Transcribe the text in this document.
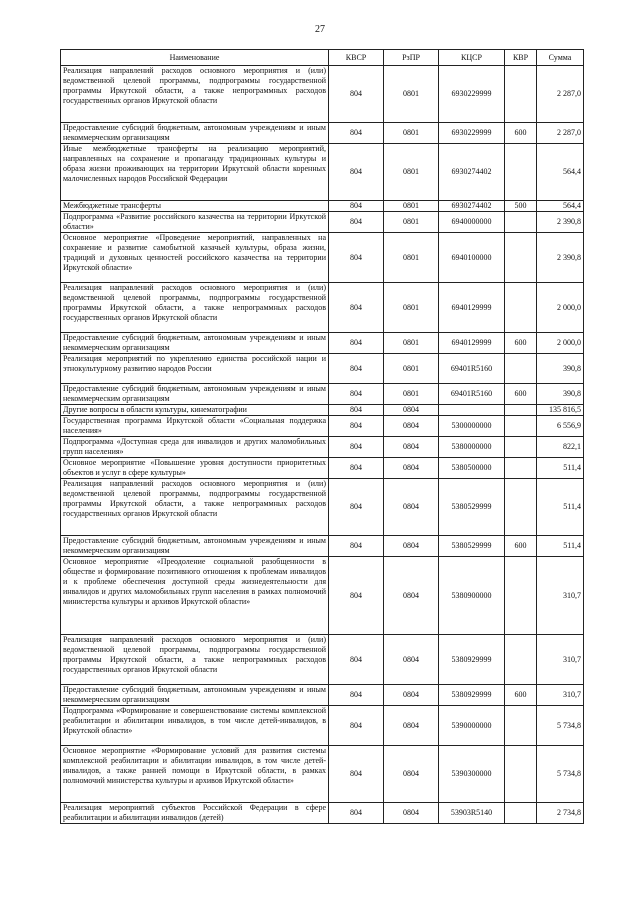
27
Наименование	КВСР	РзПР	КЦСР	КВР	Сумма
Реализация направлений расходов основного мероприятия и (или) ведомственной целевой программы, подпрограммы государственной программы Иркутской области, а также непрограммных расходов государственных органов Иркутской области	804	0801	6930229999		2 287,0
Предоставление субсидий бюджетным, автономным учреждениям и иным некоммерческим организациям	804	0801	6930229999	600	2 287,0
Иные межбюджетные трансферты на реализацию мероприятий, направленных на сохранение и пропаганду традиционных культуры и образа жизни проживающих на территории Иркутской области коренных малочисленных народов Российской Федерации	804	0801	6930274402		564,4
Межбюджетные трансферты	804	0801	6930274402	500	564,4
Подпрограмма «Развитие российского казачества на территории Иркутской области»	804	0801	6940000000		2 390,8
Основное мероприятие «Проведение мероприятий, направленных на сохранение и развитие самобытной казачьей культуры, образа жизни, традиций и духовных ценностей российского казачества на территории Иркутской области»	804	0801	6940100000		2 390,8
Реализация направлений расходов основного мероприятия и (или) ведомственной целевой программы, подпрограммы государственной программы Иркутской области, а также непрограммных расходов государственных органов Иркутской области	804	0801	6940129999		2 000,0
Предоставление субсидий бюджетным, автономным учреждениям и иным некоммерческим организациям	804	0801	6940129999	600	2 000,0
Реализация мероприятий по укреплению единства российской нации и этнокультурному развитию народов России	804	0801	69401R5160		390,8
Предоставление субсидий бюджетным, автономным учреждениям и иным некоммерческим организациям	804	0801	69401R5160	600	390,8
Другие вопросы в области культуры, кинематографии	804	0804			135 816,5
Государственная программа Иркутской области «Социальная поддержка населения»	804	0804	5300000000		6 556,9
Подпрограмма «Доступная среда для инвалидов и других маломобильных групп населения»	804	0804	5380000000		822,1
Основное мероприятие «Повышение уровня доступности приоритетных объектов и услуг в сфере культуры»	804	0804	5380500000		511,4
Реализация направлений расходов основного мероприятия и (или) ведомственной целевой программы, подпрограммы государственной программы Иркутской области, а также непрограммных расходов государственных органов Иркутской области	804	0804	5380529999		511,4
Предоставление субсидий бюджетным, автономным учреждениям и иным некоммерческим организациям	804	0804	5380529999	600	511,4
Основное мероприятие «Преодоление социальной разобщенности в обществе и формирование позитивного отношения к проблемам инвалидов и к проблеме обеспечения доступной среды жизнедеятельности для инвалидов и других маломобильных групп населения в рамках полномочий министерства культуры и архивов Иркутской области»	804	0804	5380900000		310,7
Реализация направлений расходов основного мероприятия и (или) ведомственной целевой программы, подпрограммы государственной программы Иркутской области, а также непрограммных расходов государственных органов Иркутской области	804	0804	5380929999		310,7
Предоставление субсидий бюджетным, автономным учреждениям и иным некоммерческим организациям	804	0804	5380929999	600	310,7
Подпрограмма «Формирование и совершенствование системы комплексной реабилитации и абилитации инвалидов, в том числе детей-инвалидов, в Иркутской области»	804	0804	5390000000		5 734,8
Основное мероприятие «Формирование условий для развития системы комплексной реабилитации и абилитации инвалидов, в том числе детей-инвалидов, а также ранней помощи в Иркутской области, в рамках полномочий министерства культуры и архивов Иркутской области»	804	0804	5390300000		5 734,8
Реализация мероприятий субъектов Российской Федерации в сфере реабилитации и абилитации инвалидов (детей)	804	0804	53903R5140		2 734,8
